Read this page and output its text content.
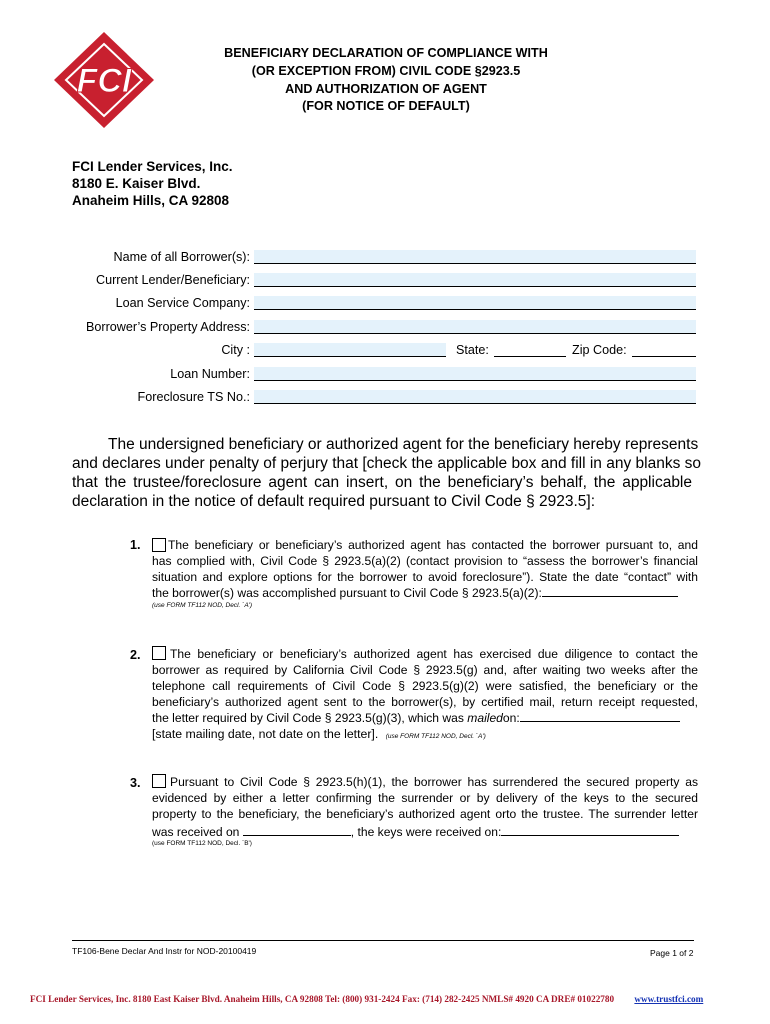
FCI
BENEFICIARY DECLARATION OF COMPLIANCE WITH
(OR EXCEPTION FROM) CIVIL CODE §2923.5
AND AUTHORIZATION OF AGENT
(FOR NOTICE OF DEFAULT)
FCI Lender Services, Inc.
8180 E. Kaiser Blvd.
Anaheim Hills, CA 92808
Name of all Borrower(s):
Current Lender/Beneficiary:
Loan Service Company:
Borrower’s Property Address:
City :	State:	Zip Code:
Loan Number:
Foreclosure TS No.:
The undersigned beneficiary or authorized agent for the beneficiary hereby represents
and declares under penalty of perjury that [check the applicable box and fill in any blanks so
that the trustee/foreclosure agent can insert, on the beneficiary’s behalf, the applicable
declaration in the notice of default required pursuant to Civil Code § 2923.5]:
1. The beneficiary or beneficiary’s authorized agent has contacted the borrower pursuant to, and
has complied with, Civil Code § 2923.5(a)(2) (contact provision to “assess the borrower’s financial
situation and explore options for the borrower to avoid foreclosure”). State the date “contact” with
the borrower(s) was accomplished pursuant to Civil Code § 2923.5(a)(2):
(use FORM TF112 NOD, Decl. `A')
2. The beneficiary or beneficiary’s authorized agent has exercised due diligence to contact the
borrower as required by California Civil Code § 2923.5(g) and, after waiting two weeks after the
telephone call requirements of Civil Code § 2923.5(g)(2) were satisfied, the beneficiary or the
beneficiary’s authorized agent sent to the borrower(s), by certified mail, return receipt requested,
the letter required by Civil Code § 2923.5(g)(3), which was mailedon:
[state mailing date, not date on the letter]. (use FORM TF112 NOD, Decl. `A')
3. Pursuant to Civil Code § 2923.5(h)(1), the borrower has surrendered the secured property as
evidenced by either a letter confirming the surrender or by delivery of the keys to the secured
property to the beneficiary, the beneficiary’s authorized agent orto the trustee. The surrender letter
was received on	, the keys were received on:
(use FORM TF112 NOD, Decl. `B')
TF106-Bene Declar And Instr for NOD-20100419	Page 1 of 2
FCI Lender Services, Inc. 8180 East Kaiser Blvd. Anaheim Hills, CA 92808 Tel: (800) 931-2424 Fax: (714) 282-2425 NMLS# 4920 CA DRE# 01022780 www.trustfci.com
